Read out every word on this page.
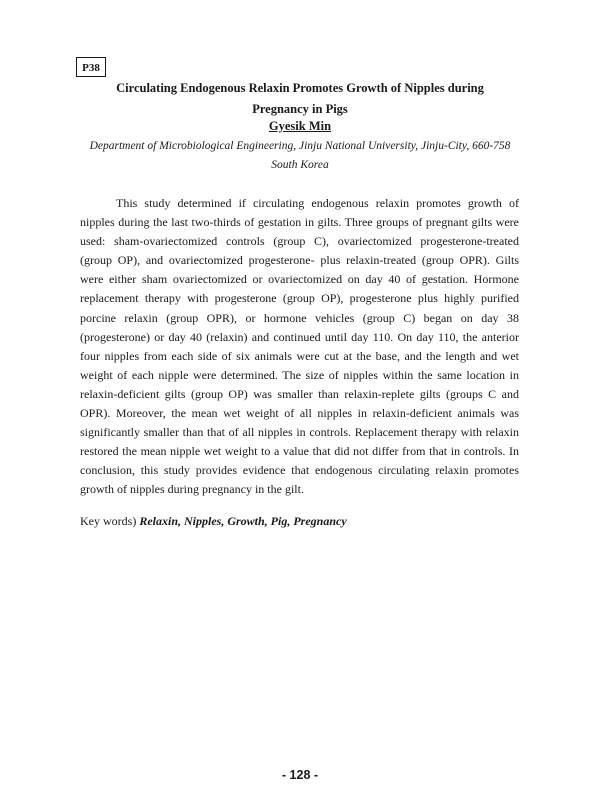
P38
Circulating Endogenous Relaxin Promotes Growth of Nipples during
Pregnancy in Pigs
Gyesik Min
Department of Microbiological Engineering, Jinju National University, Jinju-City, 660-758
South Korea

This study determined if circulating endogenous relaxin promotes growth of nipples during the last two-thirds of gestation in gilts. Three groups of pregnant gilts were used: sham-ovariectomized controls (group C), ovariectomized progesterone-treated (group OP), and ovariectomized progesterone- plus relaxin-treated (group OPR). Gilts were either sham ovariectomized or ovariectomized on day 40 of gestation. Hormone replacement therapy with progesterone (group OP), progesterone plus highly purified porcine relaxin (group OPR), or hormone vehicles (group C) began on day 38 (progesterone) or day 40 (relaxin) and continued until day 110. On day 110, the anterior four nipples from each side of six animals were cut at the base, and the length and wet weight of each nipple were determined. The size of nipples within the same location in relaxin-deficient gilts (group OP) was smaller than relaxin-replete gilts (groups C and OPR). Moreover, the mean wet weight of all nipples in relaxin-deficient animals was significantly smaller than that of all nipples in controls. Replacement therapy with relaxin restored the mean nipple wet weight to a value that did not differ from that in controls. In conclusion, this study provides evidence that endogenous circulating relaxin promotes growth of nipples during pregnancy in the gilt.

Key words) Relaxin, Nipples, Growth, Pig, Pregnancy
- 128 -
